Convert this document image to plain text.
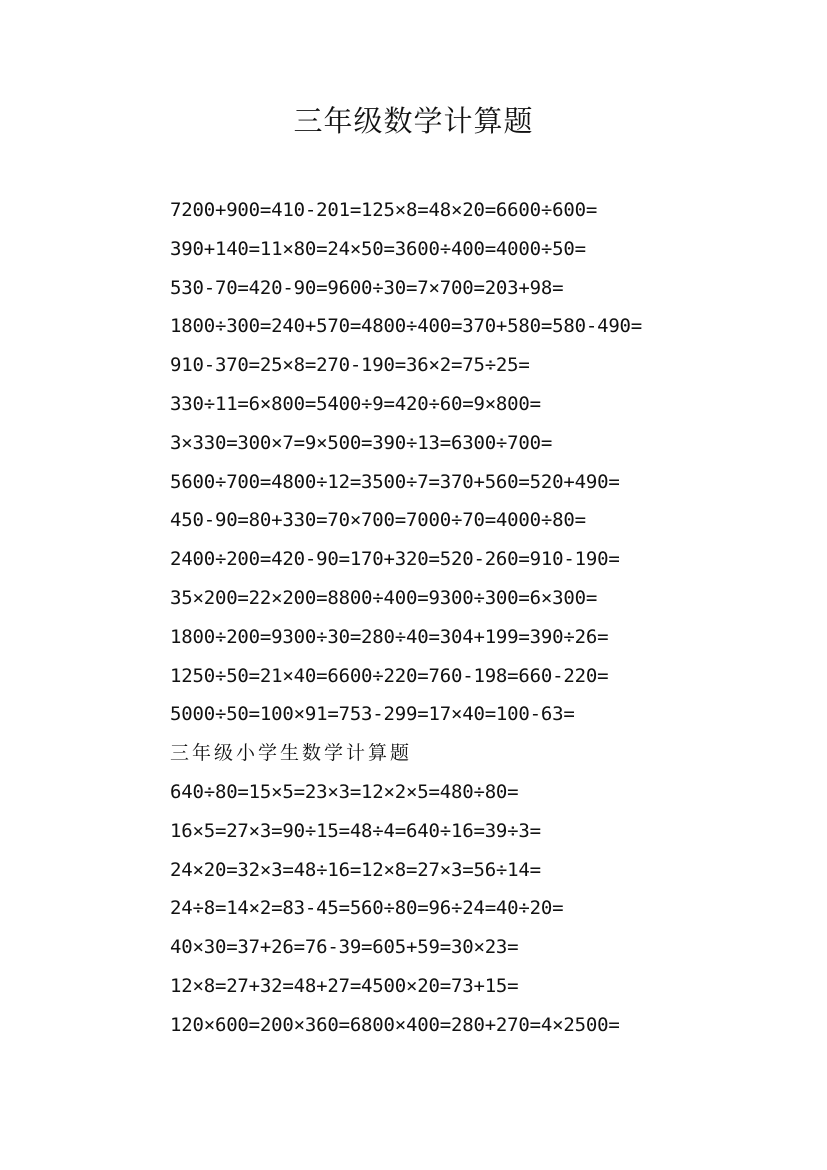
三年级数学计算题
7200+900=410-201=125×8=48×20=6600÷600=
390+140=11×80=24×50=3600÷400=4000÷50=
530-70=420-90=9600÷30=7×700=203+98=
1800÷300=240+570=4800÷400=370+580=580-490=
910-370=25×8=270-190=36×2=75÷25=
330÷11=6×800=5400÷9=420÷60=9×800=
3×330=300×7=9×500=390÷13=6300÷700=
5600÷700=4800÷12=3500÷7=370+560=520+490=
450-90=80+330=70×700=7000÷70=4000÷80=
2400÷200=420-90=170+320=520-260=910-190=
35×200=22×200=8800÷400=9300÷300=6×300=
1800÷200=9300÷30=280÷40=304+199=390÷26=
1250÷50=21×40=6600÷220=760-198=660-220=
5000÷50=100×91=753-299=17×40=100-63=
三年级小学生数学计算题
640÷80=15×5=23×3=12×2×5=480÷80=
16×5=27×3=90÷15=48÷4=640÷16=39÷3=
24×20=32×3=48÷16=12×8=27×3=56÷14=
24÷8=14×2=83-45=560÷80=96÷24=40÷20=
40×30=37+26=76-39=605+59=30×23=
12×8=27+32=48+27=4500×20=73+15=
120×600=200×360=6800×400=280+270=4×2500=
